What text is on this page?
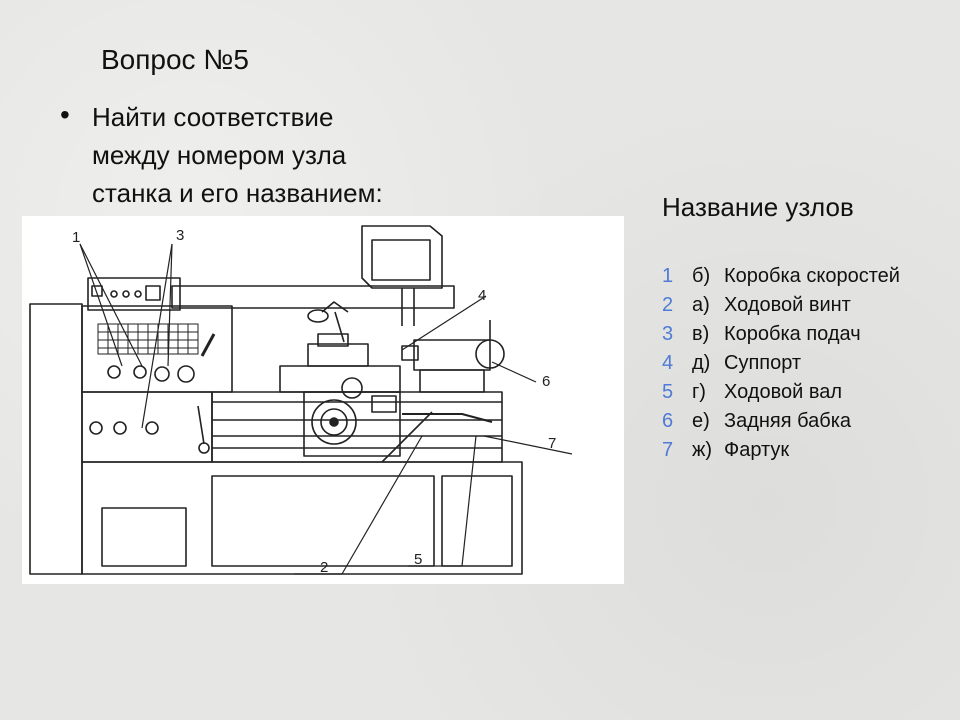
Вопрос №5
• Найти соответствие
между номером узла
станка и его названием:
1	3
4
6
7
2	5
Название узлов
1 б) Коробка скоростей
2 а) Ходовой винт
3 в) Коробка подач
4 д) Суппорт
5 г) Ходовой вал
6 е) Задняя бабка
7 ж) Фартук
